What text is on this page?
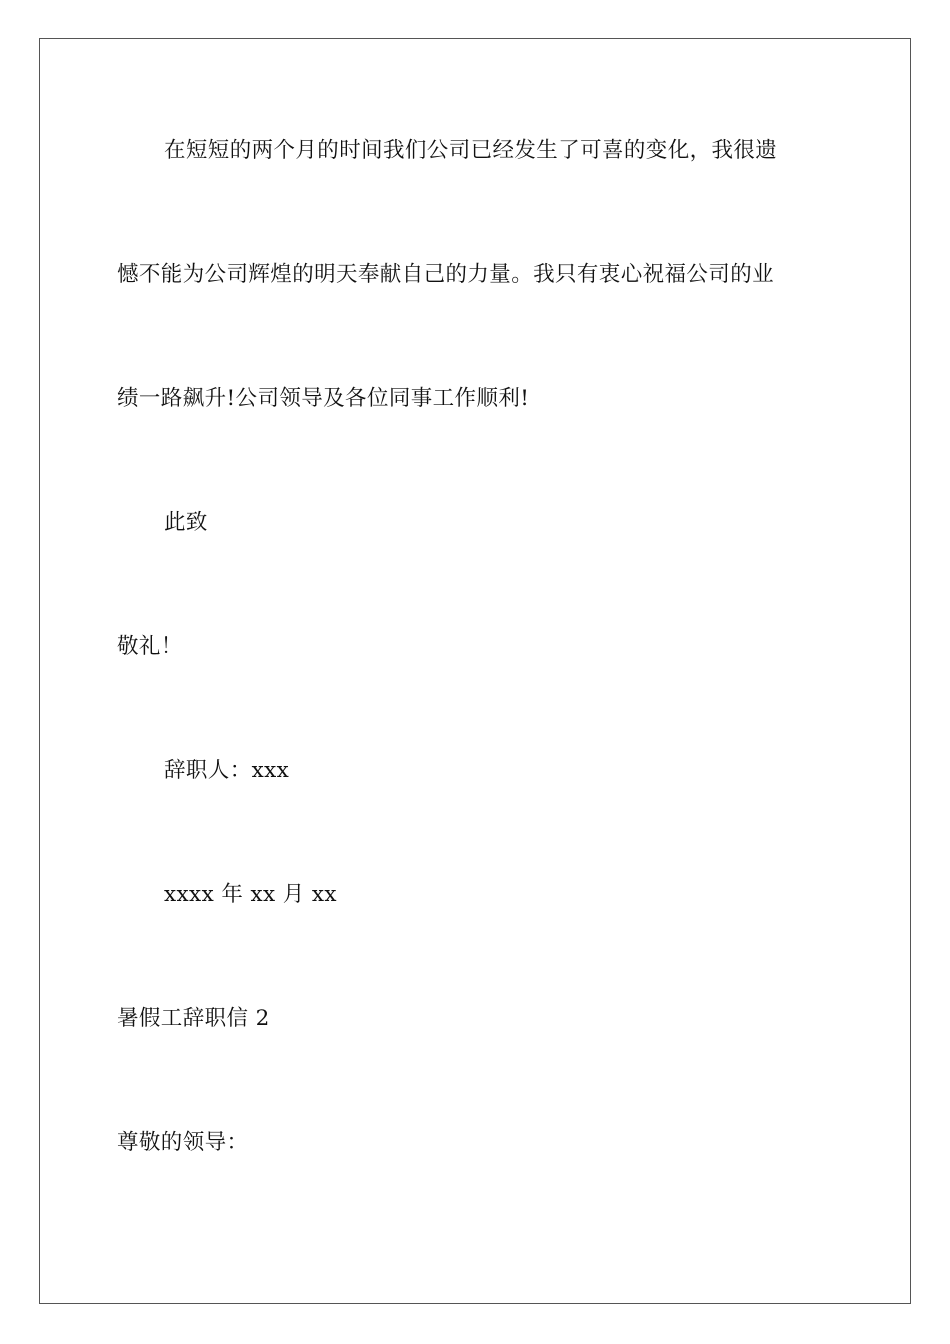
在短短的两个月的时间我们公司已经发生了可喜的变化，我很遗
憾不能为公司辉煌的明天奉献自己的力量。我只有衷心祝福公司的业
绩一路飙升!公司领导及各位同事工作顺利!
此致
敬礼！
辞职人：xxx
xxxx 年 xx 月 xx
暑假工辞职信 2
尊敬的领导：
